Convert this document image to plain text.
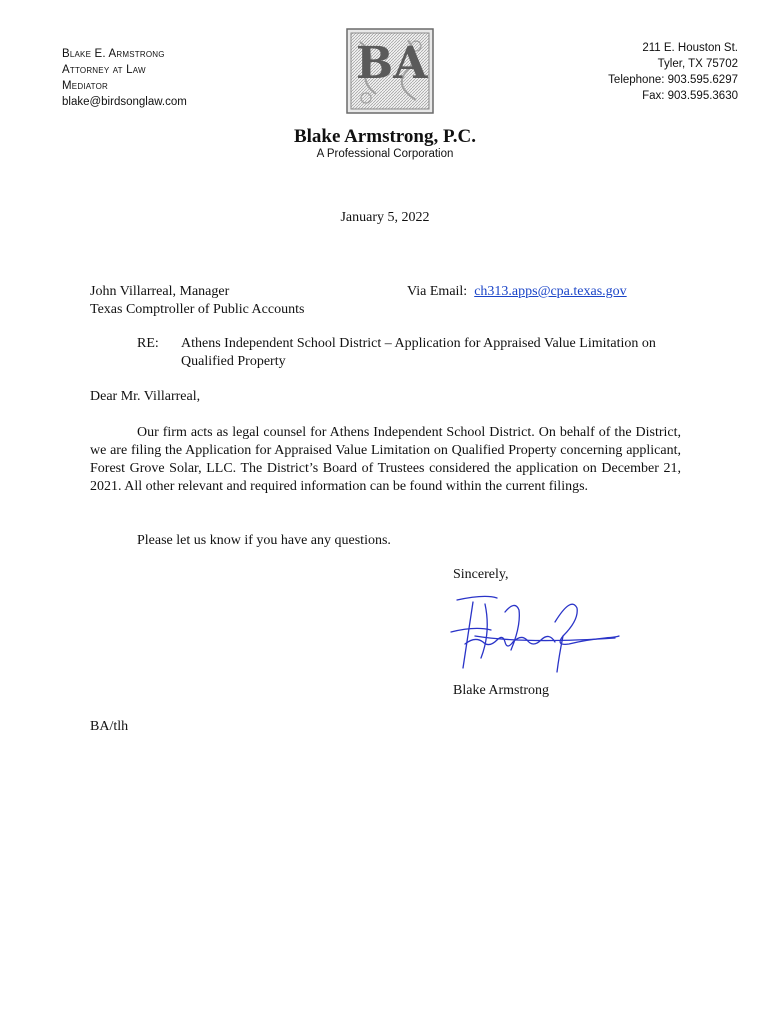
Blake E. Armstrong
Attorney at Law
Mediator
blake@birdsonglaw.com
BA	211 E. Houston St.
Tyler, TX 75702
Telephone: 903.595.6297
Fax: 903.595.3630
Blake Armstrong, P.C.
A Professional Corporation
January 5, 2022
John Villarreal, Manager
Texas Comptroller of Public Accounts
Via Email: ch313.apps@cpa.texas.gov
RE: Athens Independent School District – Application for Appraised Value Limitation on Qualified Property
Dear Mr. Villarreal,
Our firm acts as legal counsel for Athens Independent School District. On behalf of the District, we are filing the Application for Appraised Value Limitation on Qualified Property concerning applicant, Forest Grove Solar, LLC. The District’s Board of Trustees considered the application on December 21, 2021. All other relevant and required information can be found within the current filings.
Please let us know if you have any questions.
Sincerely,
Blake Armstrong
BA/tlh
